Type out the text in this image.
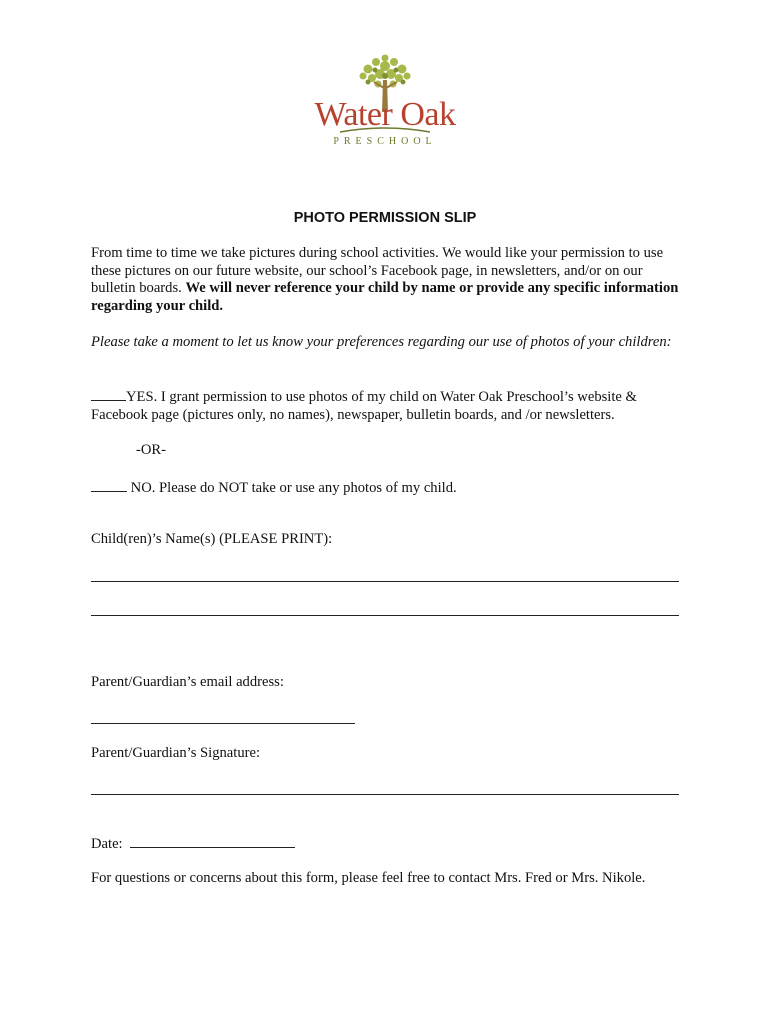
Water Oak
PRESCHOOL
PHOTO PERMISSION SLIP
From time to time we take pictures during school activities. We would like your permission to use these pictures on our future website, our school’s Facebook page, in newsletters, and/or on our bulletin boards. We will never reference your child by name or provide any specific information regarding your child.
Please take a moment to let us know your preferences regarding our use of photos of your children:
YES. I grant permission to use photos of my child on Water Oak Preschool’s website & Facebook page (pictures only, no names), newspaper, bulletin boards, and /or newsletters.
-OR-
NO. Please do NOT take or use any photos of my child.
Child(ren)’s Name(s) (PLEASE PRINT):
Parent/Guardian’s email address:
Parent/Guardian’s Signature:
Date:
For questions or concerns about this form, please feel free to contact Mrs. Fred or Mrs. Nikole.
